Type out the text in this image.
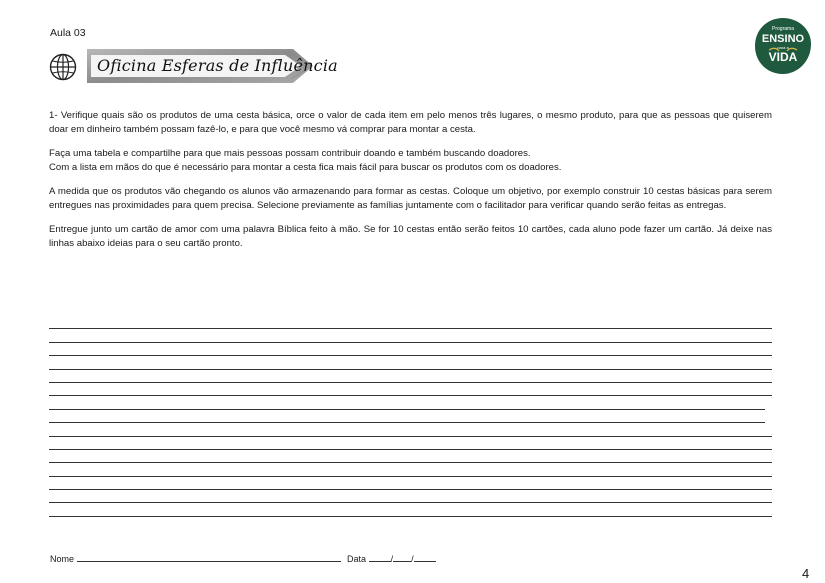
Aula 03
Oficina Esferas de Influência
Programa
ENSINO
para a
VIDA

1- Verifique quais são os produtos de uma cesta básica, orce o valor de cada item em pelo menos três lugares, o mesmo produto, para que as pessoas que quiserem doar em dinheiro também possam fazê-lo, e para que você mesmo vá comprar para montar a cesta.

Faça uma tabela e compartilhe para que mais pessoas possam contribuir doando e também buscando doadores.

Com a lista em mãos do que é necessário para montar a cesta fica mais fácil para buscar os produtos com os doadores.

A medida que os produtos vão chegando os alunos vão armazenando para formar as cestas. Coloque um objetivo, por exemplo construir 10 cestas básicas para serem entregues nas proximidades para quem precisa. Selecione previamente as famílias juntamente com o facilitador para verificar quando serão feitas as entregas.

Entregue junto um cartão de amor com uma palavra Bíblica feito à mão. Se for 10 cestas então serão feitos 10 cartões, cada aluno pode fazer um cartão. Já deixe nas linhas abaixo ideias para o seu cartão pronto.

Nome	Data	/ /
4
